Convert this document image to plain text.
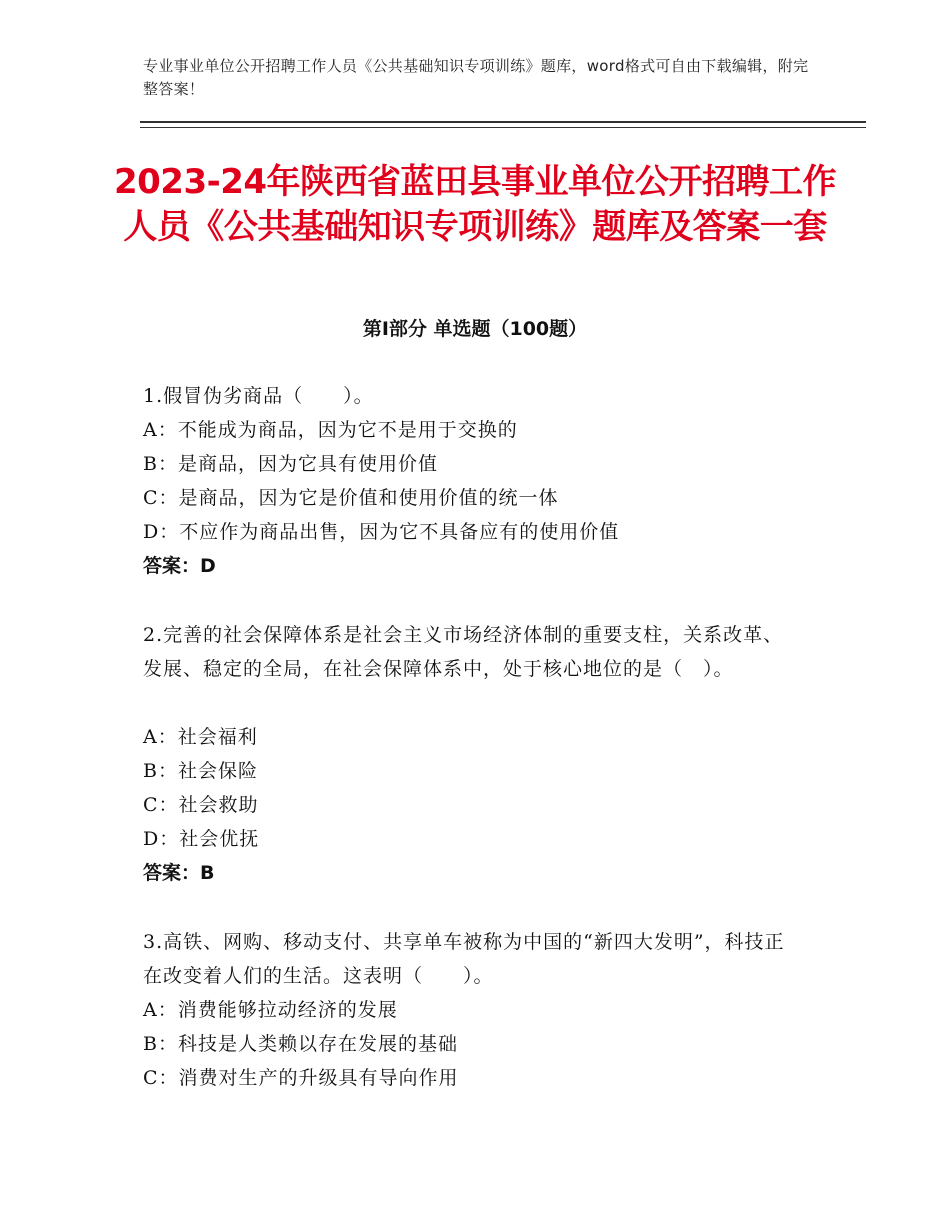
专业事业单位公开招聘工作人员《公共基础知识专项训练》题库，word格式可自由下载编辑，附完整答案！
2023-24年陕西省蓝田县事业单位公开招聘工作人员《公共基础知识专项训练》题库及答案一套
第Ⅰ部分 单选题（100题）
1.假冒伪劣商品（　　）。
A：不能成为商品，因为它不是用于交换的
B：是商品，因为它具有使用价值
C：是商品，因为它是价值和使用价值的统一体
D：不应作为商品出售，因为它不具备应有的使用价值
答案：D
2.完善的社会保障体系是社会主义市场经济体制的重要支柱，关系改革、发展、稳定的全局，在社会保障体系中，处于核心地位的是（　）。
A：社会福利
B：社会保险
C：社会救助
D：社会优抚
答案：B
3.高铁、网购、移动支付、共享单车被称为中国的“新四大发明”，科技正在改变着人们的生活。这表明（　　）。
A：消费能够拉动经济的发展
B：科技是人类赖以存在发展的基础
C：消费对生产的升级具有导向作用
